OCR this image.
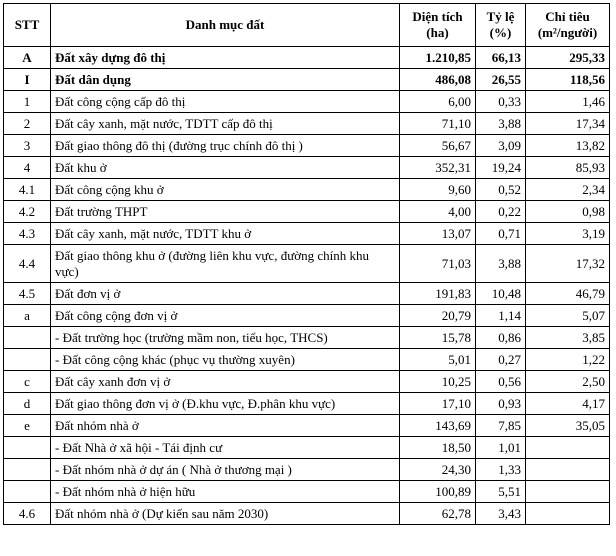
STT	Danh mục đất	Diện tích (ha)	Tỷ lệ (%)	Chỉ tiêu (m²/người)
A	Đất xây dựng đô thị	1.210,85	66,13	295,33
I	Đất dân dụng	486,08	26,55	118,56
1	Đất công cộng cấp đô thị	6,00	0,33	1,46
2	Đất cây xanh, mặt nước, TDTT cấp đô thị	71,10	3,88	17,34
3	Đất giao thông đô thị (đường trục chính đô thị )	56,67	3,09	13,82
4	Đất khu ở	352,31	19,24	85,93
4.1	Đất công cộng khu ở	9,60	0,52	2,34
4.2	Đất trường THPT	4,00	0,22	0,98
4.3	Đất cây xanh, mặt nước, TDTT khu ở	13,07	0,71	3,19
4.4	Đất giao thông khu ở (đường liên khu vực, đường chính khu vực)	71,03	3,88	17,32
4.5	Đất đơn vị ở	191,83	10,48	46,79
a	Đất công cộng đơn vị ở	20,79	1,14	5,07
	- Đất trường học (trường mầm non, tiểu học, THCS)	15,78	0,86	3,85
	- Đất công cộng khác (phục vụ thường xuyên)	5,01	0,27	1,22
c	Đất cây xanh đơn vị ở	10,25	0,56	2,50
d	Đất giao thông đơn vị ở (Đ.khu vực, Đ.phân khu vực)	17,10	0,93	4,17
e	Đất nhóm nhà ở	143,69	7,85	35,05
	- Đất Nhà ở xã hội - Tái định cư	18,50	1,01	
	- Đất nhóm nhà ở dự án ( Nhà ở thương mại )	24,30	1,33	
	- Đất nhóm nhà ở hiện hữu	100,89	5,51	
4.6	Đất nhóm nhà ở (Dự kiến sau năm 2030)	62,78	3,43	
